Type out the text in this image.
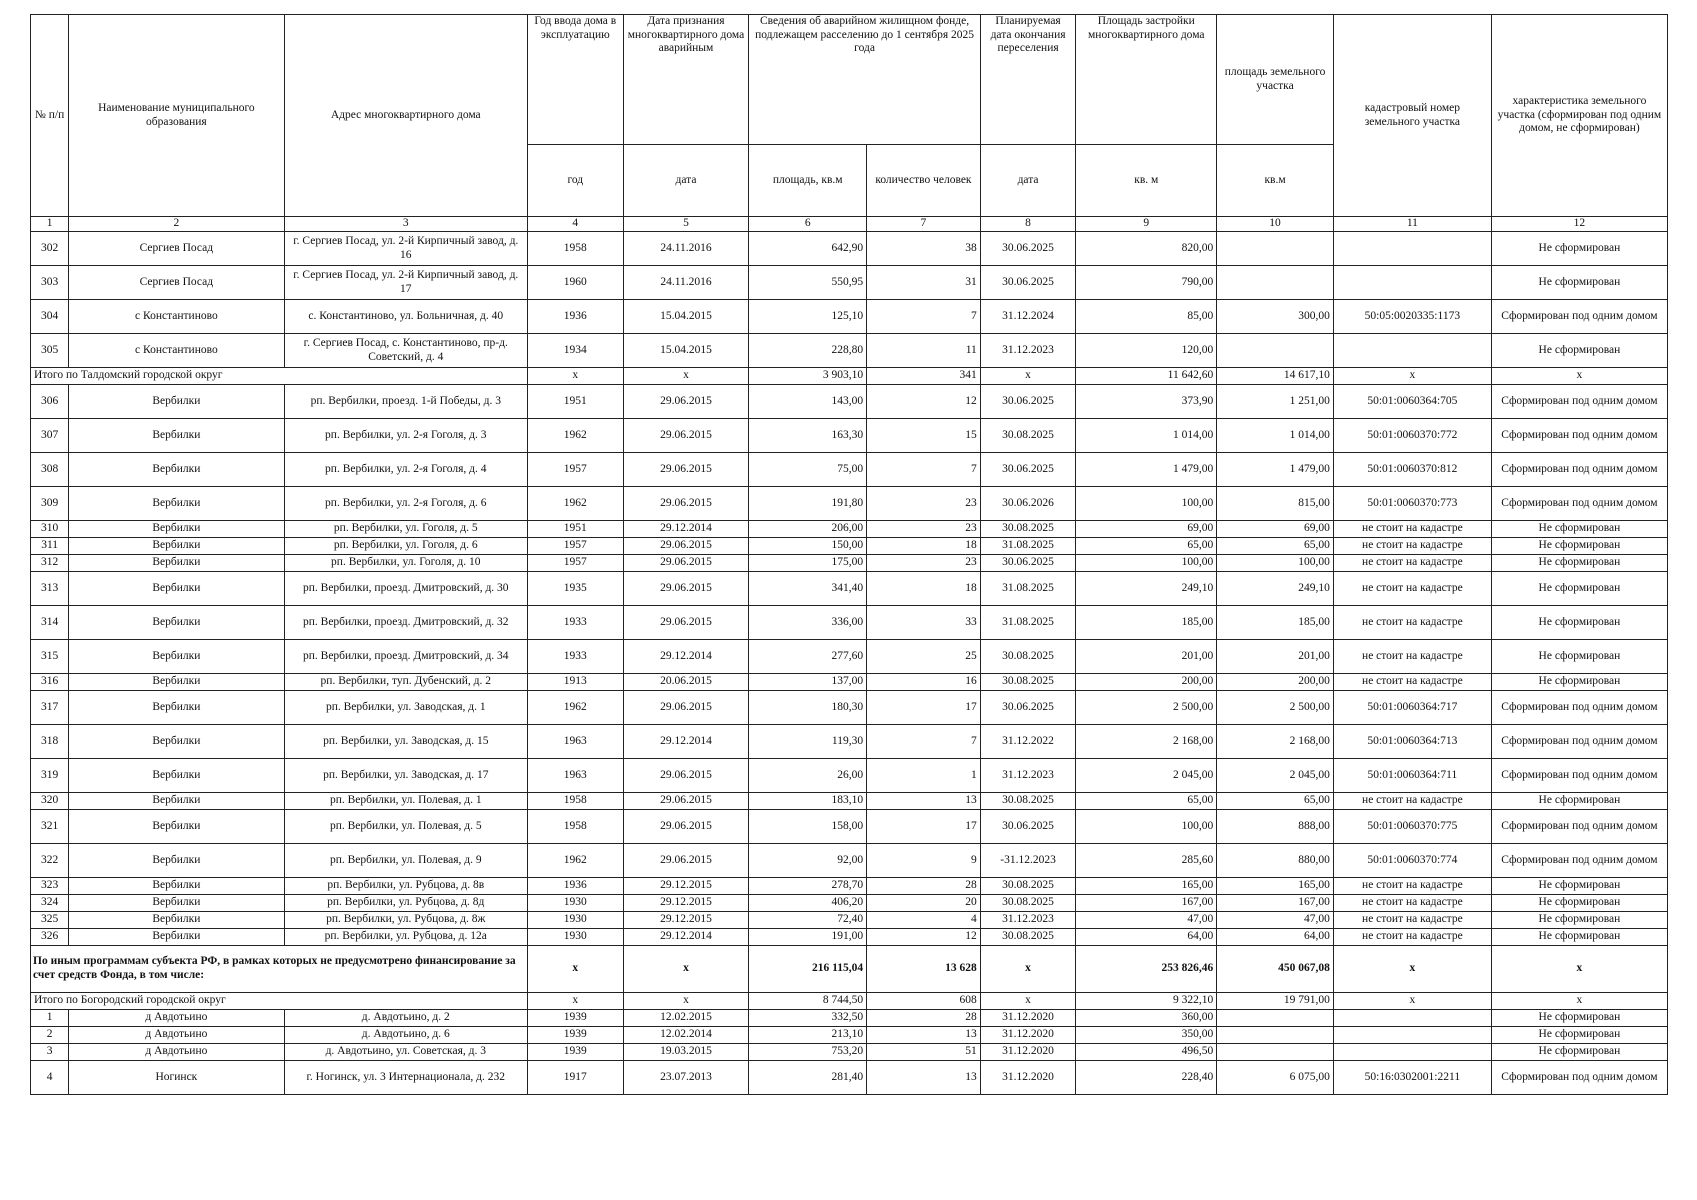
№ п/п	Наименование муниципального образования	Адрес многоквартирного дома	Год ввода дома в эксплуатацию	Дата признания многоквартирного дома аварийным	Сведения об аварийном жилищном фонде, подлежащем расселению до 1 сентября 2025 года		Планируемая дата окончания переселения	Площадь застройки многоквартирного дома	площадь земельного участка	кадастровый номер земельного участка	характеристика земельного участка (сформирован под одним домом, не сформирован)
			год	дата	площадь, кв.м	количество человек	дата	кв. м	кв.м		
1	2	3	4	5	6	7	8	9	10	11	12
302	Сергиев Посад	г. Сергиев Посад, ул. 2-й Кирпичный завод, д. 16	1958	24.11.2016	642,90	38	30.06.2025	820,00			Не сформирован
303	Сергиев Посад	г. Сергиев Посад, ул. 2-й Кирпичный завод, д. 17	1960	24.11.2016	550,95	31	30.06.2025	790,00			Не сформирован
304	с Константиново	с. Константиново, ул. Больничная, д. 40	1936	15.04.2015	125,10	7	31.12.2024	85,00	300,00	50:05:0020335:1173	Сформирован под одним домом
305	с Константиново	г. Сергиев Посад, с. Константиново, пр-д. Советский, д. 4	1934	15.04.2015	228,80	11	31.12.2023	120,00			Не сформирован
Итого по Талдомский городской округ			x	x	3 903,10	341	x	11 642,60	14 617,10	x	x
306	Вербилки	рп. Вербилки, проезд. 1-й Победы, д. 3	1951	29.06.2015	143,00	12	30.06.2025	373,90	1 251,00	50:01:0060364:705	Сформирован под одним домом
307	Вербилки	рп. Вербилки, ул. 2-я Гоголя, д. 3	1962	29.06.2015	163,30	15	30.08.2025	1 014,00	1 014,00	50:01:0060370:772	Сформирован под одним домом
308	Вербилки	рп. Вербилки, ул. 2-я Гоголя, д. 4	1957	29.06.2015	75,00	7	30.06.2025	1 479,00	1 479,00	50:01:0060370:812	Сформирован под одним домом
309	Вербилки	рп. Вербилки, ул. 2-я Гоголя, д. 6	1962	29.06.2015	191,80	23	30.06.2026	100,00	815,00	50:01:0060370:773	Сформирован под одним домом
310	Вербилки	рп. Вербилки, ул. Гоголя, д. 5	1951	29.12.2014	206,00	23	30.08.2025	69,00	69,00	не стоит на кадастре	Не сформирован
311	Вербилки	рп. Вербилки, ул. Гоголя, д. 6	1957	29.06.2015	150,00	18	31.08.2025	65,00	65,00	не стоит на кадастре	Не сформирован
312	Вербилки	рп. Вербилки, ул. Гоголя, д. 10	1957	29.06.2015	175,00	23	30.06.2025	100,00	100,00	не стоит на кадастре	Не сформирован
313	Вербилки	рп. Вербилки, проезд. Дмитровский, д. 30	1935	29.06.2015	341,40	18	31.08.2025	249,10	249,10	не стоит на кадастре	Не сформирован
314	Вербилки	рп. Вербилки, проезд. Дмитровский, д. 32	1933	29.06.2015	336,00	33	31.08.2025	185,00	185,00	не стоит на кадастре	Не сформирован
315	Вербилки	рп. Вербилки, проезд. Дмитровский, д. 34	1933	29.12.2014	277,60	25	30.08.2025	201,00	201,00	не стоит на кадастре	Не сформирован
316	Вербилки	рп. Вербилки, туп. Дубенский, д. 2	1913	20.06.2015	137,00	16	30.08.2025	200,00	200,00	не стоит на кадастре	Не сформирован
317	Вербилки	рп. Вербилки, ул. Заводская, д. 1	1962	29.06.2015	180,30	17	30.06.2025	2 500,00	2 500,00	50:01:0060364:717	Сформирован под одним домом
318	Вербилки	рп. Вербилки, ул. Заводская, д. 15	1963	29.12.2014	119,30	7	31.12.2022	2 168,00	2 168,00	50:01:0060364:713	Сформирован под одним домом
319	Вербилки	рп. Вербилки, ул. Заводская, д. 17	1963	29.06.2015	26,00	1	31.12.2023	2 045,00	2 045,00	50:01:0060364:711	Сформирован под одним домом
320	Вербилки	рп. Вербилки, ул. Полевая, д. 1	1958	29.06.2015	183,10	13	30.08.2025	65,00	65,00	не стоит на кадастре	Не сформирован
321	Вербилки	рп. Вербилки, ул. Полевая, д. 5	1958	29.06.2015	158,00	17	30.06.2025	100,00	888,00	50:01:0060370:775	Сформирован под одним домом
322	Вербилки	рп. Вербилки, ул. Полевая, д. 9	1962	29.06.2015	92,00	9	-31.12.2023	285,60	880,00	50:01:0060370:774	Сформирован под одним домом
323	Вербилки	рп. Вербилки, ул. Рубцова, д. 8в	1936	29.12.2015	278,70	28	30.08.2025	165,00	165,00	не стоит на кадастре	Не сформирован
324	Вербилки	рп. Вербилки, ул. Рубцова, д. 8д	1930	29.12.2015	406,20	20	30.08.2025	167,00	167,00	не стоит на кадастре	Не сформирован
325	Вербилки	рп. Вербилки, ул. Рубцова, д. 8ж	1930	29.12.2015	72,40	4	31.12.2023	47,00	47,00	не стоит на кадастре	Не сформирован
326	Вербилки	рп. Вербилки, ул. Рубцова, д. 12а	1930	29.12.2014	191,00	12	30.08.2025	64,00	64,00	не стоит на кадастре	Не сформирован
По иным программам субъекта РФ, в рамках которых не предусмотрено финансирование за счет средств Фонда, в том числе:			x	x	216 115,04	13 628	x	253 826,46	450 067,08	x	x
Итого по Богородский городской округ			x	x	8 744,50	608	x	9 322,10	19 791,00	x	x
1	д Авдотьино	д. Авдотьино, д. 2	1939	12.02.2015	332,50	28	31.12.2020	360,00			Не сформирован
2	д Авдотьино	д. Авдотьино, д. 6	1939	12.02.2014	213,10	13	31.12.2020	350,00			Не сформирован
3	д Авдотьино	д. Авдотьино, ул. Советская, д. 3	1939	19.03.2015	753,20	51	31.12.2020	496,50			Не сформирован
4	Ногинск	г. Ногинск, ул. 3 Интернационала, д. 232	1917	23.07.2013	281,40	13	31.12.2020	228,40	6 075,00	50:16:0302001:2211	Сформирован под одним домом
